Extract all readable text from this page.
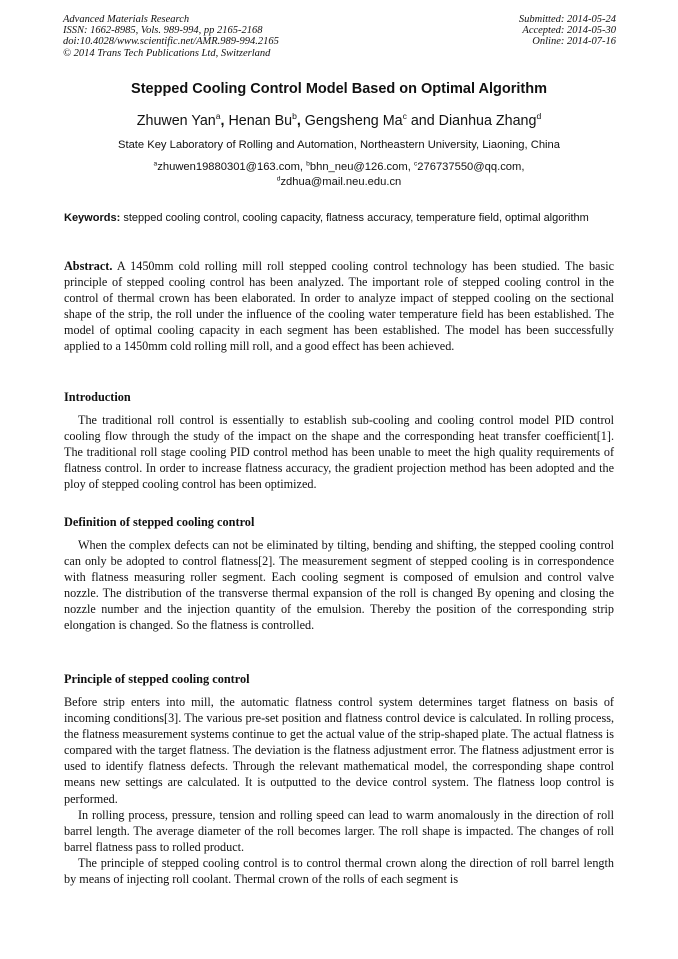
Advanced Materials Research
ISSN: 1662-8985, Vols. 989-994, pp 2165-2168
doi:10.4028/www.scientific.net/AMR.989-994.2165
© 2014 Trans Tech Publications Ltd, Switzerland
Submitted: 2014-05-24
Accepted: 2014-05-30
Online: 2014-07-16
Stepped Cooling Control Model Based on Optimal Algorithm
Zhuwen Yan$^a$, Henan Bu$^b$, Gengsheng Ma$^c$ and Dianhua Zhang$^d$
State Key Laboratory of Rolling and Automation, Northeastern University, Liaoning, China
$^a$zhuwen19880301@163.com, $^b$bhn_neu@126.com, $^c$276737550@qq.com,
$^d$zdhua@mail.neu.edu.cn
Keywords: stepped cooling control, cooling capacity, flatness accuracy, temperature field, optimal algorithm

Abstract. A 1450mm cold rolling mill roll stepped cooling control technology has been studied. The basic principle of stepped cooling control has been analyzed. The important role of stepped cooling control in the control of thermal crown has been elaborated. In order to analyze impact of stepped cooling on the sectional shape of the strip, the roll under the influence of the cooling water temperature field has been established. The model of optimal cooling capacity in each segment has been established. The model has been successfully applied to a 1450mm cold rolling mill roll, and a good effect has been achieved.

Introduction

The traditional roll control is essentially to establish sub-cooling and cooling control model PID control cooling flow through the study of the impact on the shape and the corresponding heat transfer coefficient[1]. The traditional roll stage cooling PID control method has been unable to meet the high quality requirements of flatness control. In order to increase flatness accuracy, the gradient projection method has been adopted and the ploy of stepped cooling control has been optimized.

Definition of stepped cooling control

When the complex defects can not be eliminated by tilting, bending and shifting, the stepped cooling control can only be adopted to control flatness[2]. The measurement segment of stepped cooling is in correspondence with flatness measuring roller segment. Each cooling segment is composed of emulsion and control valve nozzle. The distribution of the transverse thermal expansion of the roll is changed By opening and closing the nozzle number and the injection quantity of the emulsion. Thereby the position of the corresponding strip elongation is changed. So the flatness is controlled.

Principle of stepped cooling control

Before strip enters into mill, the automatic flatness control system determines target flatness on basis of incoming conditions[3]. The various pre-set position and flatness control device is calculated. In rolling process, the flatness measurement systems continue to get the actual value of the strip-shaped plate. The actual flatness is compared with the target flatness. The deviation is the flatness adjustment error. The flatness adjustment error is used to identify flatness defects. Through the relevant mathematical model, the corresponding shape control means new settings are calculated. It is outputted to the device control system. The flatness loop control is performed.

In rolling process, pressure, tension and rolling speed can lead to warm anomalously in the direction of roll barrel length. The average diameter of the roll becomes larger. The roll shape is impacted. The changes of roll barrel flatness pass to rolled product.

The principle of stepped cooling control is to control thermal crown along the direction of roll barrel length by means of injecting roll coolant. Thermal crown of the rolls of each segment is
